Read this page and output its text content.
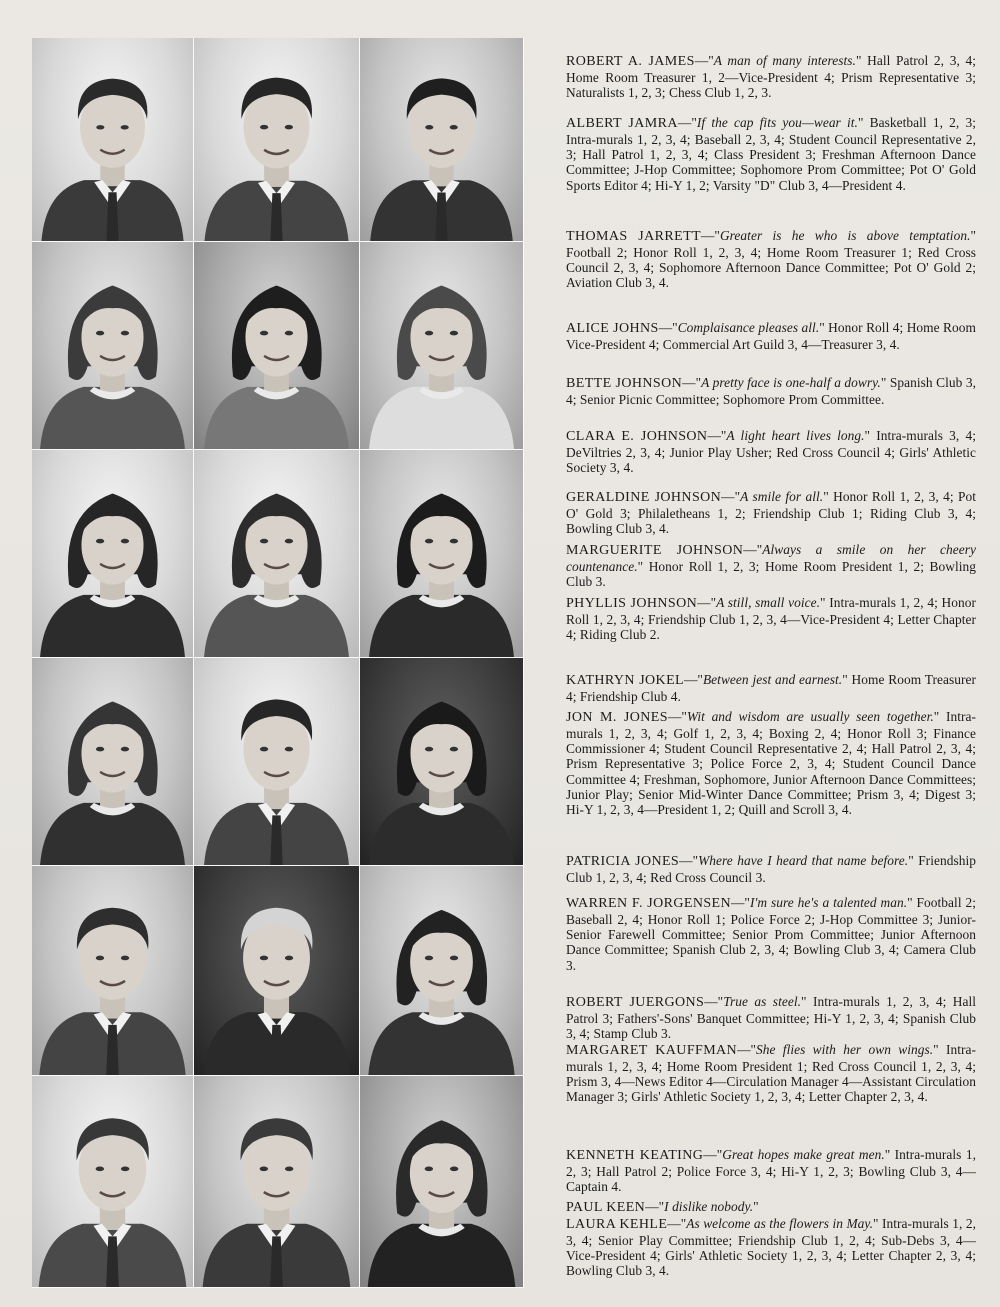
ROBERT A. JAMES—"A man of many interests." Hall Patrol 2, 3, 4; Home Room Treasurer 1, 2—Vice-President 4; Prism Representative 3; Naturalists 1, 2, 3; Chess Club 1, 2, 3.

ALBERT JAMRA—"If the cap fits you—wear it." Basketball 1, 2, 3; Intra-murals 1, 2, 3, 4; Baseball 2, 3, 4; Student Council Representative 2, 3; Hall Patrol 1, 2, 3, 4; Class President 3; Freshman Afternoon Dance Committee; J-Hop Committee; Sophomore Prom Committee; Pot O' Gold Sports Editor 4; Hi-Y 1, 2; Varsity "D" Club 3, 4—President 4.

THOMAS JARRETT—"Greater is he who is above temptation." Football 2; Honor Roll 1, 2, 3, 4; Home Room Treasurer 1; Red Cross Council 2, 3, 4; Sophomore Afternoon Dance Committee; Pot O' Gold 2; Aviation Club 3, 4.

ALICE JOHNS—"Complaisance pleases all." Honor Roll 4; Home Room Vice-President 4; Commercial Art Guild 3, 4—Treasurer 3, 4.

BETTE JOHNSON—"A pretty face is one-half a dowry." Spanish Club 3, 4; Senior Picnic Committee; Sophomore Prom Committee.

CLARA E. JOHNSON—"A light heart lives long." Intra-murals 3, 4; DeViltries 2, 3, 4; Junior Play Usher; Red Cross Council 4; Girls' Athletic Society 3, 4.

GERALDINE JOHNSON—"A smile for all." Honor Roll 1, 2, 3, 4; Pot O' Gold 3; Philaletheans 1, 2; Friendship Club 1; Riding Club 3, 4; Bowling Club 3, 4.

MARGUERITE JOHNSON—"Always a smile on her cheery countenance." Honor Roll 1, 2, 3; Home Room President 1, 2; Bowling Club 3.

PHYLLIS JOHNSON—"A still, small voice." Intra-murals 1, 2, 4; Honor Roll 1, 2, 3, 4; Friendship Club 1, 2, 3, 4—Vice-President 4; Letter Chapter 4; Riding Club 2.

KATHRYN JOKEL—"Between jest and earnest." Home Room Treasurer 4; Friendship Club 4.

JON M. JONES—"Wit and wisdom are usually seen together." Intra-murals 1, 2, 3, 4; Golf 1, 2, 3, 4; Boxing 2, 4; Honor Roll 3; Finance Commissioner 4; Student Council Representative 2, 4; Hall Patrol 2, 3, 4; Prism Representative 3; Police Force 2, 3, 4; Student Council Dance Committee 4; Freshman, Sophomore, Junior Afternoon Dance Committees; Junior Play; Senior Mid-Winter Dance Committee; Prism 3, 4; Digest 3; Hi-Y 1, 2, 3, 4—President 1, 2; Quill and Scroll 3, 4.

PATRICIA JONES—"Where have I heard that name before." Friendship Club 1, 2, 3, 4; Red Cross Council 3.

WARREN F. JORGENSEN—"I'm sure he's a talented man." Football 2; Baseball 2, 4; Honor Roll 1; Police Force 2; J-Hop Committee 3; Junior-Senior Farewell Committee; Senior Prom Committee; Junior Afternoon Dance Committee; Spanish Club 2, 3, 4; Bowling Club 3, 4; Camera Club 3.

ROBERT JUERGONS—"True as steel." Intra-murals 1, 2, 3, 4; Hall Patrol 3; Fathers'-Sons' Banquet Committee; Hi-Y 1, 2, 3, 4; Spanish Club 3, 4; Stamp Club 3.

MARGARET KAUFFMAN—"She flies with her own wings." Intra-murals 1, 2, 3, 4; Home Room President 1; Red Cross Council 1, 2, 3, 4; Prism 3, 4—News Editor 4—Circulation Manager 4—Assistant Circulation Manager 3; Girls' Athletic Society 1, 2, 3, 4; Letter Chapter 2, 3, 4.

KENNETH KEATING—"Great hopes make great men." Intra-murals 1, 2, 3; Hall Patrol 2; Police Force 3, 4; Hi-Y 1, 2, 3; Bowling Club 3, 4—Captain 4.

PAUL KEEN—"I dislike nobody."

LAURA KEHLE—"As welcome as the flowers in May." Intra-murals 1, 2, 3, 4; Senior Play Committee; Friendship Club 1, 2, 4; Sub-Debs 3, 4—Vice-President 4; Girls' Athletic Society 1, 2, 3, 4; Letter Chapter 2, 3, 4; Bowling Club 3, 4.
